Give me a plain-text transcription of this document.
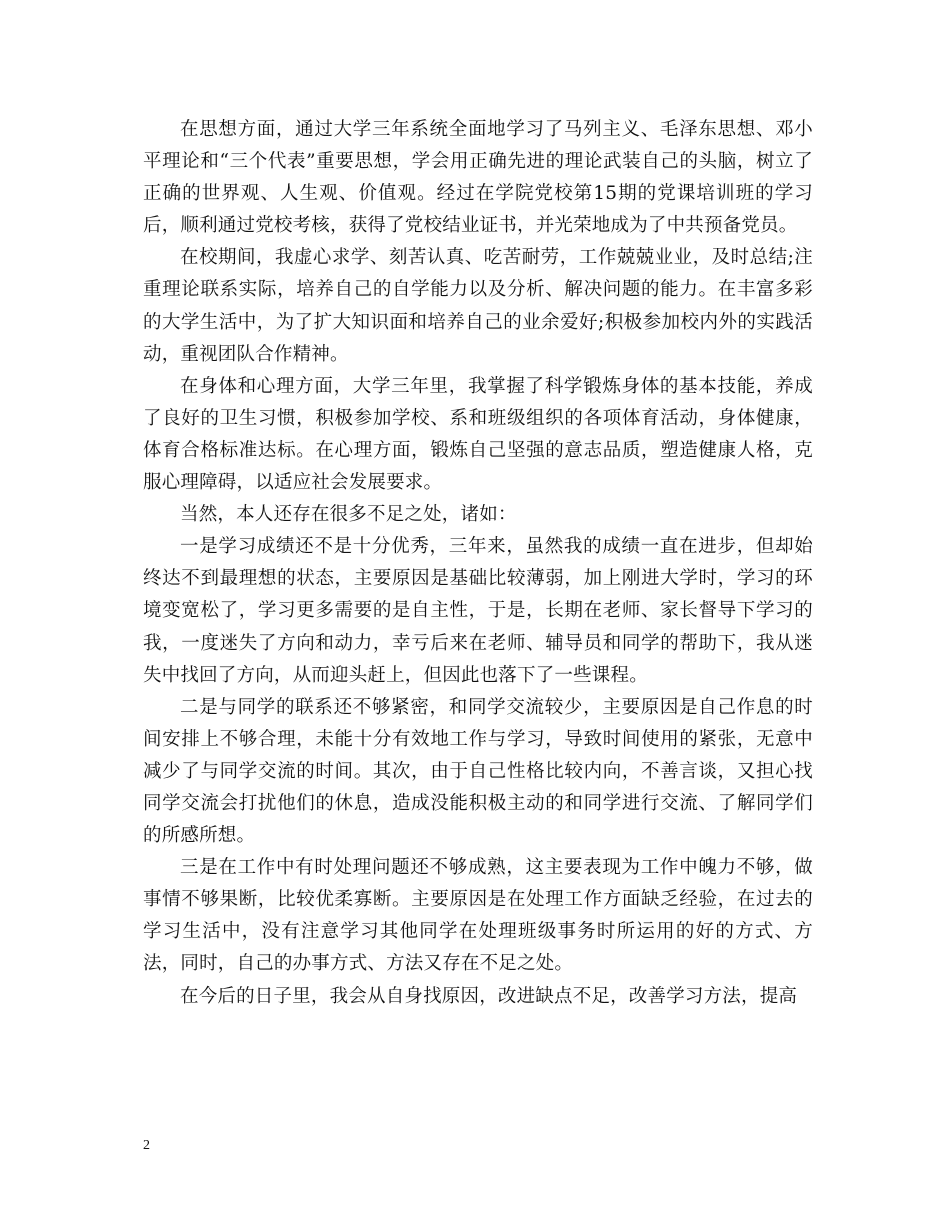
在思想方面，通过大学三年系统全面地学习了马列主义、毛泽东思想、邓小平理论和“三个代表”重要思想，学会用正确先进的理论武装自己的头脑，树立了正确的世界观、人生观、价值观。经过在学院党校第15期的党课培训班的学习后，顺利通过党校考核，获得了党校结业证书，并光荣地成为了中共预备党员。

在校期间，我虚心求学、刻苦认真、吃苦耐劳，工作兢兢业业，及时总结;注重理论联系实际，培养自己的自学能力以及分析、解决问题的能力。在丰富多彩的大学生活中，为了扩大知识面和培养自己的业余爱好;积极参加校内外的实践活动，重视团队合作精神。

在身体和心理方面，大学三年里，我掌握了科学锻炼身体的基本技能，养成了良好的卫生习惯，积极参加学校、系和班级组织的各项体育活动，身体健康，体育合格标准达标。在心理方面，锻炼自己坚强的意志品质，塑造健康人格，克服心理障碍，以适应社会发展要求。

当然，本人还存在很多不足之处，诸如：

一是学习成绩还不是十分优秀，三年来，虽然我的成绩一直在进步，但却始终达不到最理想的状态，主要原因是基础比较薄弱，加上刚进大学时，学习的环境变宽松了，学习更多需要的是自主性，于是，长期在老师、家长督导下学习的我，一度迷失了方向和动力，幸亏后来在老师、辅导员和同学的帮助下，我从迷失中找回了方向，从而迎头赶上，但因此也落下了一些课程。

二是与同学的联系还不够紧密，和同学交流较少，主要原因是自己作息的时间安排上不够合理，未能十分有效地工作与学习，导致时间使用的紧张，无意中减少了与同学交流的时间。其次，由于自己性格比较内向，不善言谈，又担心找同学交流会打扰他们的休息，造成没能积极主动的和同学进行交流、了解同学们的所感所想。

三是在工作中有时处理问题还不够成熟，这主要表现为工作中魄力不够，做事情不够果断，比较优柔寡断。主要原因是在处理工作方面缺乏经验，在过去的学习生活中，没有注意学习其他同学在处理班级事务时所运用的好的方式、方法，同时，自己的办事方式、方法又存在不足之处。

在今后的日子里，我会从自身找原因，改进缺点不足，改善学习方法，提高

2
